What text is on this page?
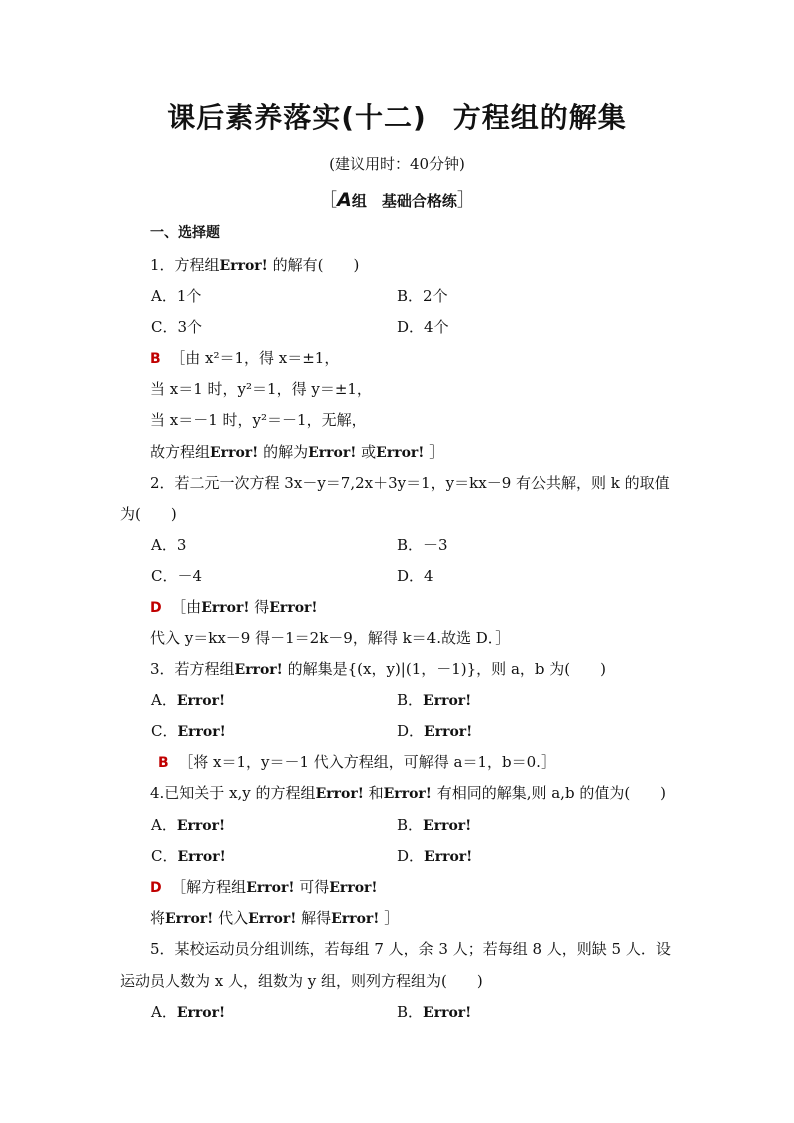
课后素养落实(十二) 方程组的解集
(建议用时：40分钟)
［A组　基础合格练］
一、选择题
1．方程组Error! 的解有(　　)
A．1个	B．2个
C．3个	D．4个
B ［由 x²＝1，得 x＝±1，
当 x＝1 时，y²＝1，得 y＝±1，
当 x＝－1 时，y²＝－1，无解，
故方程组Error! 的解为Error! 或Error! ］
2．若二元一次方程 3x－y＝7,2x＋3y＝1，y＝kx－9 有公共解，则 k 的取值
为(　　)
A．3	B．－3
C．－4	D．4
D ［由Error! 得Error!
代入 y＝kx－9 得－1＝2k－9，解得 k＝4.故选 D．］
3．若方程组Error! 的解集是{(x，y)|(1，－1)}，则 a，b 为(　　)
A．Error!	B．Error!
C．Error!	D．Error!
B ［将 x＝1，y＝－1 代入方程组，可解得 a＝1，b＝0.］
4.已知关于 x,y 的方程组Error! 和Error! 有相同的解集,则 a,b 的值为(　　)
A．Error!	B．Error!
C．Error!	D．Error!
D ［解方程组Error! 可得Error!
将Error! 代入Error! 解得Error! ］
5．某校运动员分组训练，若每组 7 人，余 3 人；若每组 8 人，则缺 5 人．设
运动员人数为 x 人，组数为 y 组，则列方程组为(　　)
A．Error!	B．Error!
